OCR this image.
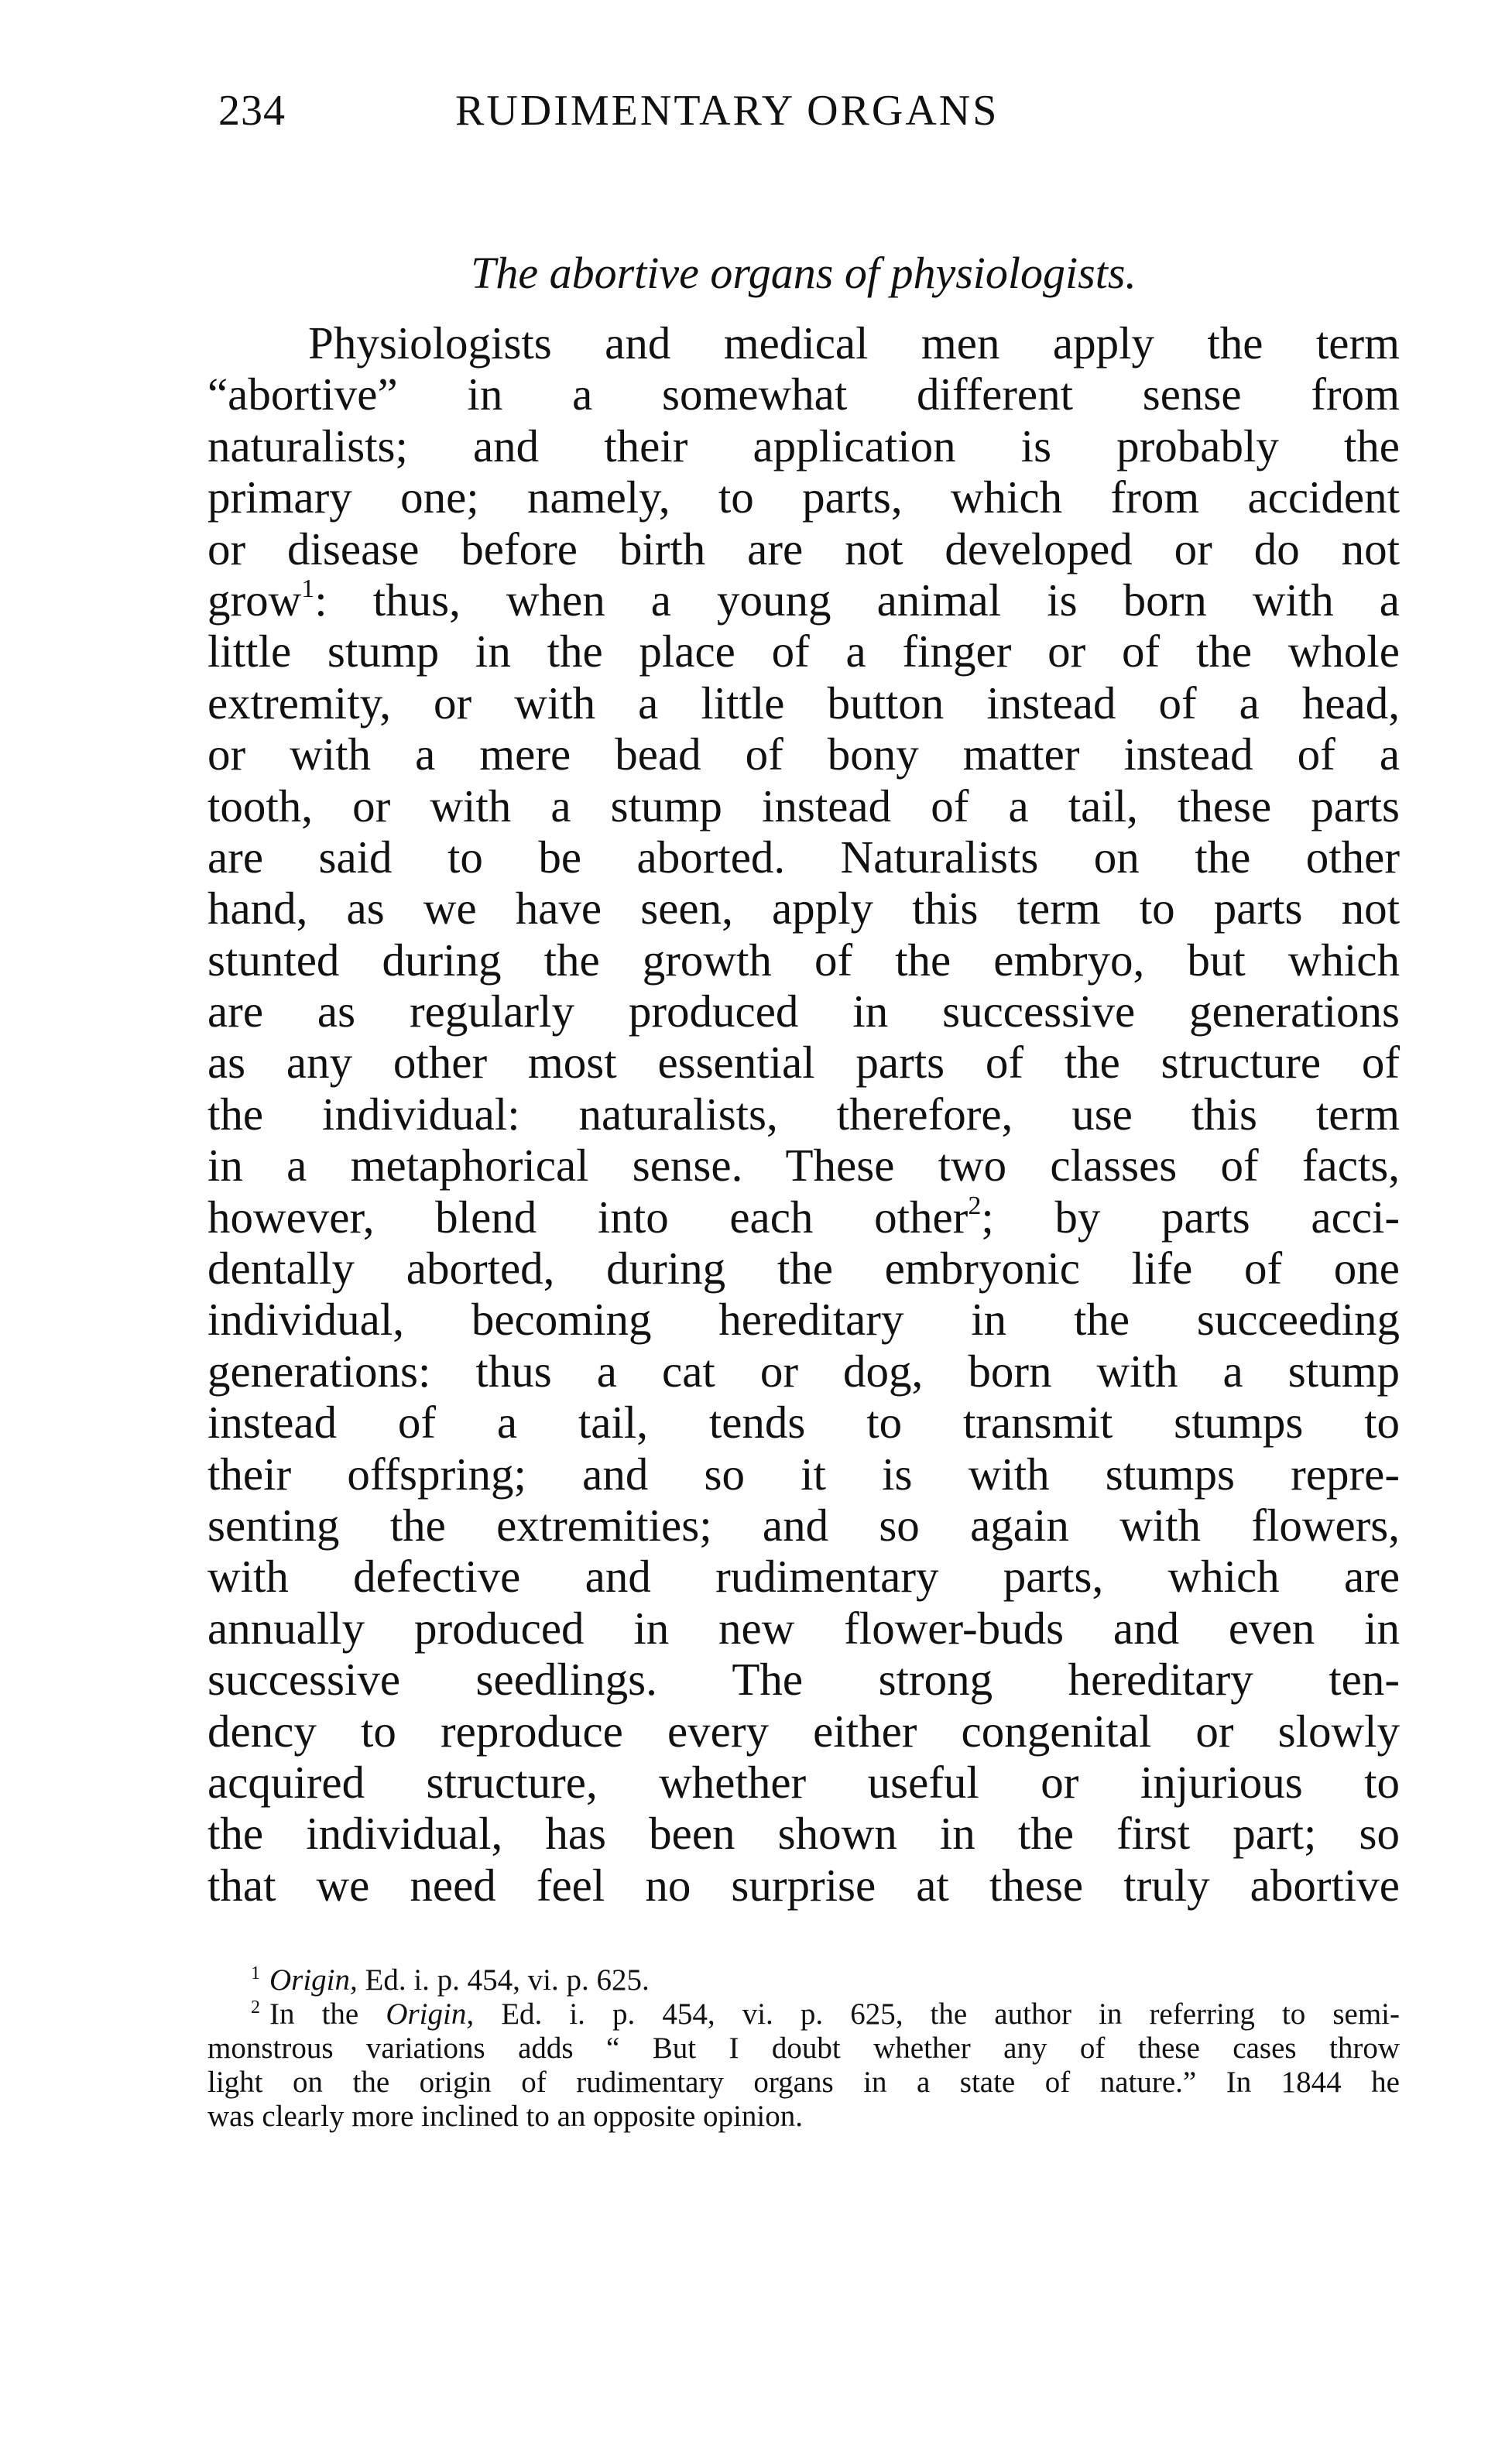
234	RUDIMENTARY ORGANS
The abortive organs of physiologists.
Physiologists and medical men apply the term
“abortive” in a somewhat different sense from
naturalists; and their application is probably the
primary one; namely, to parts, which from accident
or disease before birth are not developed or do not
grow$^1$: thus, when a young animal is born with a
little stump in the place of a finger or of the whole
extremity, or with a little button instead of a head,
or with a mere bead of bony matter instead of a
tooth, or with a stump instead of a tail, these parts
are said to be aborted. Naturalists on the other
hand, as we have seen, apply this term to parts not
stunted during the growth of the embryo, but which
are as regularly produced in successive generations
as any other most essential parts of the structure of
the individual: naturalists, therefore, use this term
in a metaphorical sense. These two classes of facts,
however, blend into each other$^2$; by parts acci-
dentally aborted, during the embryonic life of one
individual, becoming hereditary in the succeeding
generations: thus a cat or dog, born with a stump
instead of a tail, tends to transmit stumps to
their offspring; and so it is with stumps repre-
senting the extremities; and so again with flowers,
with defective and rudimentary parts, which are
annually produced in new flower-buds and even in
successive seedlings. The strong hereditary ten-
dency to reproduce every either congenital or slowly
acquired structure, whether useful or injurious to
the individual, has been shown in the first part; so
that we need feel no surprise at these truly abortive
$^1$ Origin, Ed. i. p. 454, vi. p. 625.
$^2$ In the Origin, Ed. i. p. 454, vi. p. 625, the author in referring to semi-
monstrous variations adds “ But I doubt whether any of these cases throw
light on the origin of rudimentary organs in a state of nature.” In 1844 he
was clearly more inclined to an opposite opinion.
